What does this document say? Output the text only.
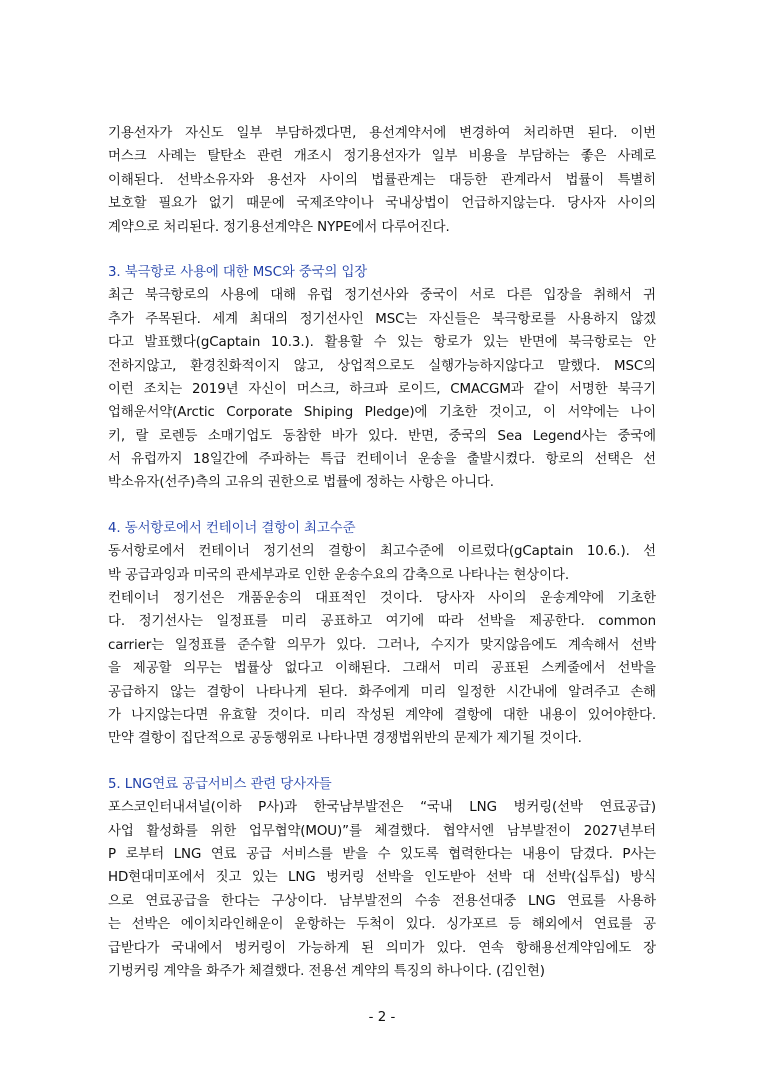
기용선자가 자신도 일부 부담하겠다면, 용선계약서에 변경하여 처리하면 된다. 이번
머스크 사례는 탈탄소 관련 개조시 정기용선자가 일부 비용을 부담하는 좋은 사례로
이해된다. 선박소유자와 용선자 사이의 법률관계는 대등한 관계라서 법률이 특별히
보호할 필요가 없기 때문에 국제조약이나 국내상법이 언급하지않는다. 당사자 사이의
계약으로 처리된다. 정기용선계약은 NYPE에서 다루어진다.
3. 북극항로 사용에 대한 MSC와 중국의 입장
최근 북극항로의 사용에 대해 유럽 정기선사와 중국이 서로 다른 입장을 취해서 귀
추가 주목된다. 세계 최대의 정기선사인 MSC는 자신들은 북극항로를 사용하지 않겠
다고 발표했다(gCaptain 10.3.). 활용할 수 있는 항로가 있는 반면에 북극항로는 안
전하지않고, 환경친화적이지 않고, 상업적으로도 실행가능하지않다고 말했다. MSC의
이런 조치는 2019년 자신이 머스크, 하크파 로이드, CMACGM과 같이 서명한 북극기
업해운서약(Arctic Corporate Shiping Pledge)에 기초한 것이고, 이 서약에는 나이
키, 랄 로렌등 소매기업도 동참한 바가 있다. 반면, 중국의 Sea Legend사는 중국에
서 유럽까지 18일간에 주파하는 특급 컨테이너 운송을 출발시켰다. 항로의 선택은 선
박소유자(선주)측의 고유의 권한으로 법률에 정하는 사항은 아니다.
4. 동서항로에서 컨테이너 결항이 최고수준
동서항로에서 컨테이너 정기선의 결항이 최고수준에 이르렀다(gCaptain 10.6.). 선
박 공급과잉과 미국의 관세부과로 인한 운송수요의 감축으로 나타나는 현상이다.
컨테이너 정기선은 개품운송의 대표적인 것이다. 당사자 사이의 운송계약에 기초한
다. 정기선사는 일정표를 미리 공표하고 여기에 따라 선박을 제공한다. common
carrier는 일정표를 준수할 의무가 있다. 그러나, 수지가 맞지않음에도 계속해서 선박
을 제공할 의무는 법률상 없다고 이해된다. 그래서 미리 공표된 스케줄에서 선박을
공급하지 않는 결항이 나타나게 된다. 화주에게 미리 일정한 시간내에 알려주고 손해
가 나지않는다면 유효할 것이다. 미리 작성된 계약에 결항에 대한 내용이 있어야한다.
만약 결항이 집단적으로 공동행위로 나타나면 경쟁법위반의 문제가 제기될 것이다.
5. LNG연료 공급서비스 관련 당사자들
포스코인터내셔널(이하 P사)과 한국남부발전은 “국내 LNG 벙커링(선박 연료공급)
사업 활성화를 위한 업무협약(MOU)”를 체결했다. 협약서엔 남부발전이 2027년부터
P 로부터 LNG 연료 공급 서비스를 받을 수 있도록 협력한다는 내용이 담겼다. P사는
HD현대미포에서 짓고 있는 LNG 벙커링 선박을 인도받아 선박 대 선박(십투십) 방식
으로 연료공급을 한다는 구상이다. 남부발전의 수송 전용선대중 LNG 연료를 사용하
는 선박은 에이치라인해운이 운항하는 두척이 있다. 싱가포르 등 해외에서 연료를 공
급받다가 국내에서 벙커링이 가능하게 된 의미가 있다. 연속 항해용선계약임에도 장
기벙커링 계약을 화주가 체결했다. 전용선 계약의 특징의 하나이다. (김인현)
- 2 -
